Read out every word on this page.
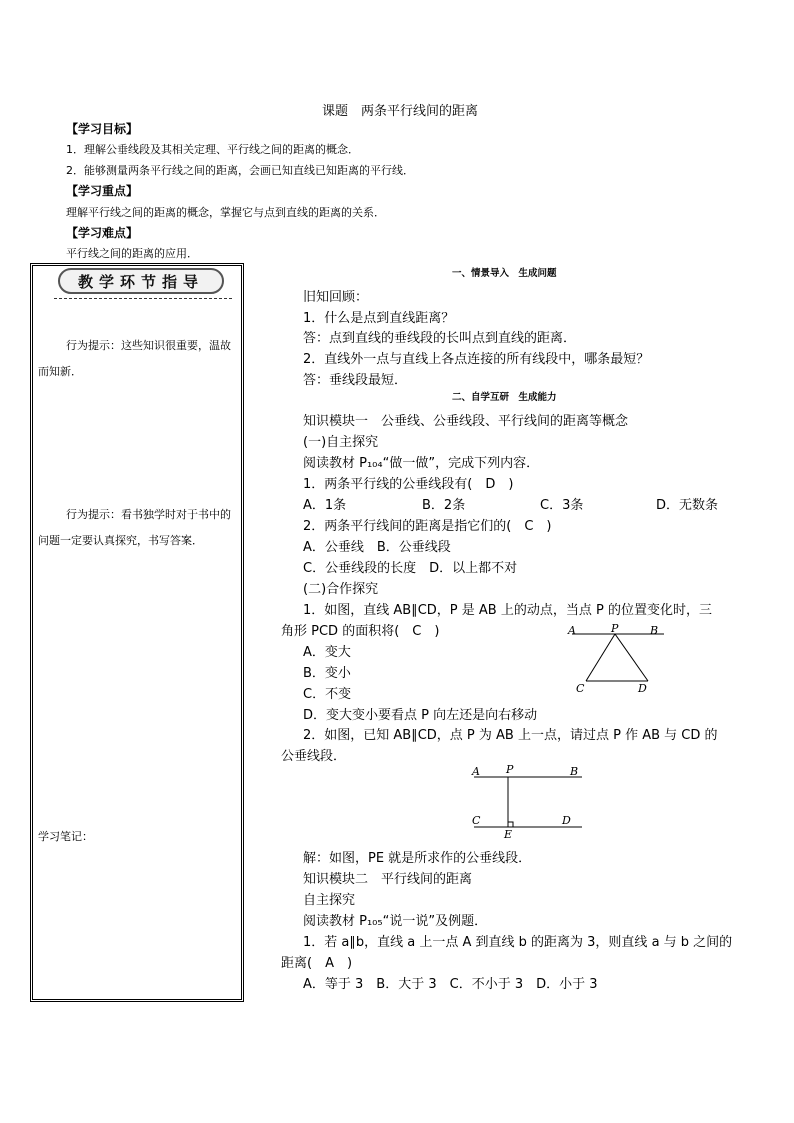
课题　两条平行线间的距离
【学习目标】
1．理解公垂线段及其相关定理、平行线之间的距离的概念．
2．能够测量两条平行线之间的距离，会画已知直线已知距离的平行线．
【学习重点】
理解平行线之间的距离的概念，掌握它与点到直线的距离的关系．
【学习难点】
平行线之间的距离的应用．
教学环节指导
行为提示：这些知识很重要，温故而知新．
行为提示：看书独学时对于书中的问题一定要认真探究，书写答案．
学习笔记：
一、情景导入　生成问题
旧知回顾：
1．什么是点到直线距离？
答：点到直线的垂线段的长叫点到直线的距离．
2．直线外一点与直线上各点连接的所有线段中，哪条最短？
答：垂线段最短．
二、自学互研　生成能力
知识模块一　公垂线、公垂线段、平行线间的距离等概念
(一)自主探究
阅读教材 P₁₀₄“做一做”，完成下列内容．
1．两条平行线的公垂线段有(　D　)
A．1条	B．2条	C．3条	D．无数条
2．两条平行线间的距离是指它们的(　C　)
A．公垂线　B．公垂线段
C．公垂线段的长度　D．以上都不对
(二)合作探究
1．如图，直线 AB∥CD，P 是 AB 上的动点，当点 P 的位置变化时，三
角形 PCD 的面积将(　C　)
A．变大
B．变小
C．不变
D．变大变小要看点 P 向左还是向右移动
A	P	B
C	D
2．如图，已知 AB∥CD，点 P 为 AB 上一点，请过点 P 作 AB 与 CD 的
公垂线段．
A P	B
C	D
E
解：如图，PE 就是所求作的公垂线段．
知识模块二　平行线间的距离
自主探究
阅读教材 P₁₀₅“说一说”及例题．
1．若 a∥b，直线 a 上一点 A 到直线 b 的距离为 3，则直线 a 与 b 之间的
距离(　A　)
A．等于 3　B．大于 3　C．不小于 3　D．小于 3
